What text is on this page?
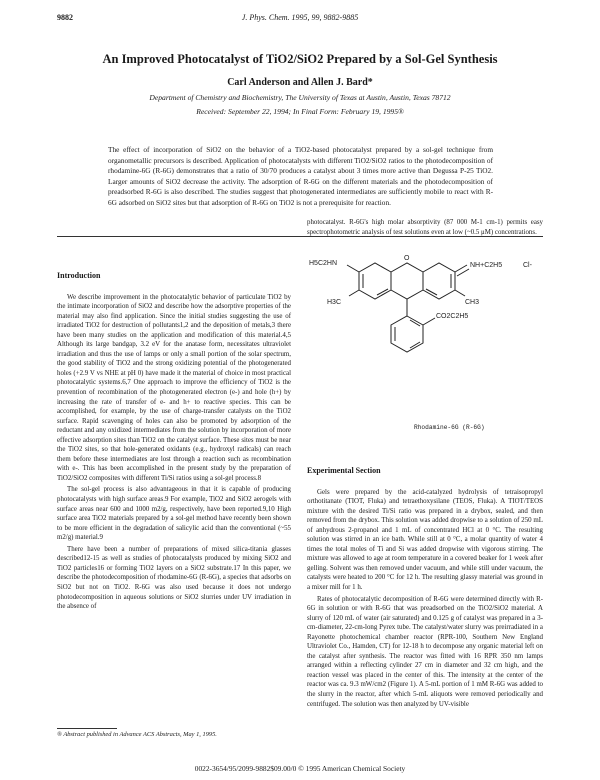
9882	J. Phys. Chem. 1995, 99, 9882-9885
An Improved Photocatalyst of TiO2/SiO2 Prepared by a Sol-Gel Synthesis
Carl Anderson and Allen J. Bard*
Department of Chemistry and Biochemistry, The University of Texas at Austin, Austin, Texas 78712
Received: September 22, 1994; In Final Form: February 19, 1995®

The effect of incorporation of SiO2 on the behavior of a TiO2-based photocatalyst prepared by a sol-gel technique from organometallic precursors is described. Application of photocatalysts with different TiO2/SiO2 ratios to the photodecomposition of rhodamine-6G (R-6G) demonstrates that a ratio of 30/70 produces a catalyst about 3 times more active than Degussa P-25 TiO2. Larger amounts of SiO2 decrease the activity. The adsorption of R-6G on the different materials and the photodecomposition of preadsorbed R-6G is also described. The studies suggest that photogenerated intermediates are sufficiently mobile to react with R-6G adsorbed on SiO2 sites but that adsorption of R-6G on TiO2 is not a prerequisite for reaction.

Introduction

We describe improvement in the photocatalytic behavior of particulate TiO2 by the intimate incorporation of SiO2 and describe how the adsorptive properties of the material may also find application. Since the initial studies suggesting the use of irradiated TiO2 for destruction of pollutants1,2 and the deposition of metals,3 there have been many studies on the application and modification of this material.4,5 Although its large bandgap, 3.2 eV for the anatase form, necessitates ultraviolet irradiation and thus the use of lamps or only a small portion of the solar spectrum, the good stability of TiO2 and the strong oxidizing potential of the photogenerated holes (+2.9 V vs NHE at pH 0) have made it the material of choice in most practical photocatalytic systems.6,7 One approach to improve the efficiency of TiO2 is the prevention of recombination of the photogenerated electron (e-) and hole (h+) by increasing the rate of transfer of e- and h+ to reactive species. This can be accomplished, for example, by the use of charge-transfer catalysts on the TiO2 surface. Rapid scavenging of holes can also be promoted by adsorption of the reductant and any oxidized intermediates from the solution by incorporation of more effective adsorption sites than TiO2 on the catalyst surface. These sites must be near the TiO2 sites, so that hole-generated oxidants (e.g., hydroxyl radicals) can reach them before these intermediates are lost through a reaction such as recombination with e-. This has been accomplished in the present study by the preparation of TiO2/SiO2 composites with different Ti/Si ratios using a sol-gel process.8

The sol-gel process is also advantageous in that it is capable of producing photocatalysts with high surface areas.9 For example, TiO2 and SiO2 aerogels with surface areas near 600 and 1000 m2/g, respectively, have been reported.9,10 High surface area TiO2 materials prepared by a sol-gel method have recently been shown to be more efficient in the degradation of salicylic acid than the conventional (~55 m2/g) material.9

There have been a number of preparations of mixed silica-titania glasses described12-15 as well as studies of photocatalysts produced by mixing SiO2 and TiO2 particles16 or forming TiO2 layers on a SiO2 substrate.17 In this paper, we describe the photodecomposition of rhodamine-6G (R-6G), a species that adsorbs on SiO2 but not on TiO2. R-6G was also used because it does not undergo photodecomposition in aqueous solutions or SiO2 slurries under UV irradiation in the absence of

photocatalyst. R-6G's high molar absorptivity (87 000 M-1 cm-1) permits easy spectrophotometric analysis of test solutions even at low (~0.5 μM) concentrations.

H5C2HN	NH+C2H5	Cl-
O
H3C	CH3
CO2C2H5
Rhodamine-6G (R-6G)
Experimental Section

Gels were prepared by the acid-catalyzed hydrolysis of tetraisopropyl orthotitanate (TIOT, Fluka) and tetraethoxysilane (TEOS, Fluka). A TIOT/TEOS mixture with the desired Ti/Si ratio was prepared in a drybox, sealed, and then removed from the drybox. This solution was added dropwise to a solution of 250 mL of anhydrous 2-propanol and 1 mL of concentrated HCl at 0 °C. The resulting solution was stirred in an ice bath. While still at 0 °C, a molar quantity of water 4 times the total moles of Ti and Si was added dropwise with vigorous stirring. The mixture was allowed to age at room temperature in a covered beaker for 1 week after gelling. Solvent was then removed under vacuum, and while still under vacuum, the catalysts were heated to 200 °C for 12 h. The resulting glassy material was ground in a mixer mill for 1 h.

Rates of photocatalytic decomposition of R-6G were determined directly with R-6G in solution or with R-6G that was preadsorbed on the TiO2/SiO2 material. A slurry of 120 mL of water (air saturated) and 0.125 g of catalyst was prepared in a 3-cm-diameter, 22-cm-long Pyrex tube. The catalyst/water slurry was preirradiated in a Rayonette photochemical chamber reactor (RPR-100, Southern New England Ultraviolet Co., Hamden, CT) for 12-18 h to decompose any organic material left on the catalyst after synthesis. The reactor was fitted with 16 RPR 350 nm lamps arranged within a reflecting cylinder 27 cm in diameter and 32 cm high, and the reaction vessel was placed in the center of this. The intensity at the center of the reactor was ca. 9.3 mW/cm2 (Figure 1). A 5-mL portion of 1 mM R-6G was added to the slurry in the reactor, after which 5-mL aliquots were removed periodically and centrifuged. The solution was then analyzed by UV-visible

® Abstract published in Advance ACS Abstracts, May 1, 1995.
0022-3654/95/2099-9882$09.00/0 © 1995 American Chemical Society
